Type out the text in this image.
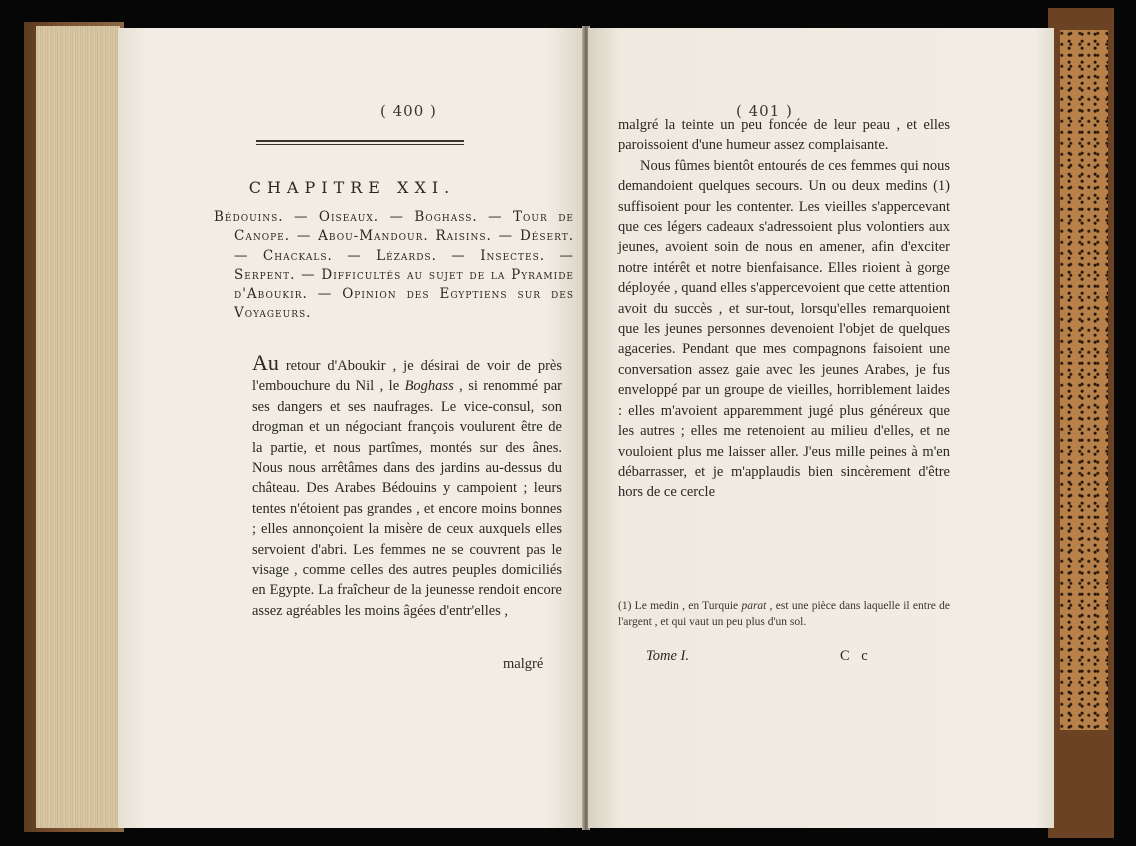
( 400 )
CHAPITRE XXI.
Bédouins. — Oiseaux. — Boghass. — Tour de Canope. — Abou-Mandour. Raisins. — Désert. — Chackals. — Lézards. — Insectes. — Serpent. — Difficultés au sujet de la Pyramide d'Aboukir. — Opinion des Egyptiens sur des Voyageurs.
Au retour d'Aboukir , je désirai de voir de près l'embouchure du Nil , le Boghass , si renommé par ses dangers et ses naufrages. Le vice-consul, son drogman et un négociant françois voulurent être de la partie, et nous partîmes, montés sur des ânes. Nous nous arrêtâmes dans des jardins au-dessus du château. Des Arabes Bédouins y campoient ; leurs tentes n'étoient pas grandes , et encore moins bonnes ; elles annonçoient la misère de ceux auxquels elles servoient d'abri. Les femmes ne se couvrent pas le visage , comme celles des autres peuples domiciliés en Egypte. La fraîcheur de la jeunesse rendoit encore assez agréables les moins âgées d'entr'elles ,
malgré
( 401 )

malgré la teinte un peu foncée de leur peau , et elles paroissoient d'une humeur assez complaisante.

Nous fûmes bientôt entourés de ces femmes qui nous demandoient quelques secours. Un ou deux medins (1) suffisoient pour les contenter. Les vieilles s'appercevant que ces légers cadeaux s'adressoient plus volontiers aux jeunes, avoient soin de nous en amener, afin d'exciter notre intérêt et notre bienfaisance. Elles rioient à gorge déployée , quand elles s'appercevoient que cette attention avoit du succès , et sur-tout, lorsqu'elles remarquoient que les jeunes personnes devenoient l'objet de quelques agaceries. Pendant que mes compagnons faisoient une conversation assez gaie avec les jeunes Arabes, je fus enveloppé par un groupe de vieilles, horriblement laides : elles m'avoient apparemment jugé plus généreux que les autres ; elles me retenoient au milieu d'elles, et ne vouloient plus me laisser aller. J'eus mille peines à m'en débarrasser, et je m'applaudis bien sincèrement d'être hors de ce cercle

(1) Le medin , en Turquie parat , est une pièce dans laquelle il entre de l'argent , et qui vaut un peu plus d'un sol.
Tome I.	C c
